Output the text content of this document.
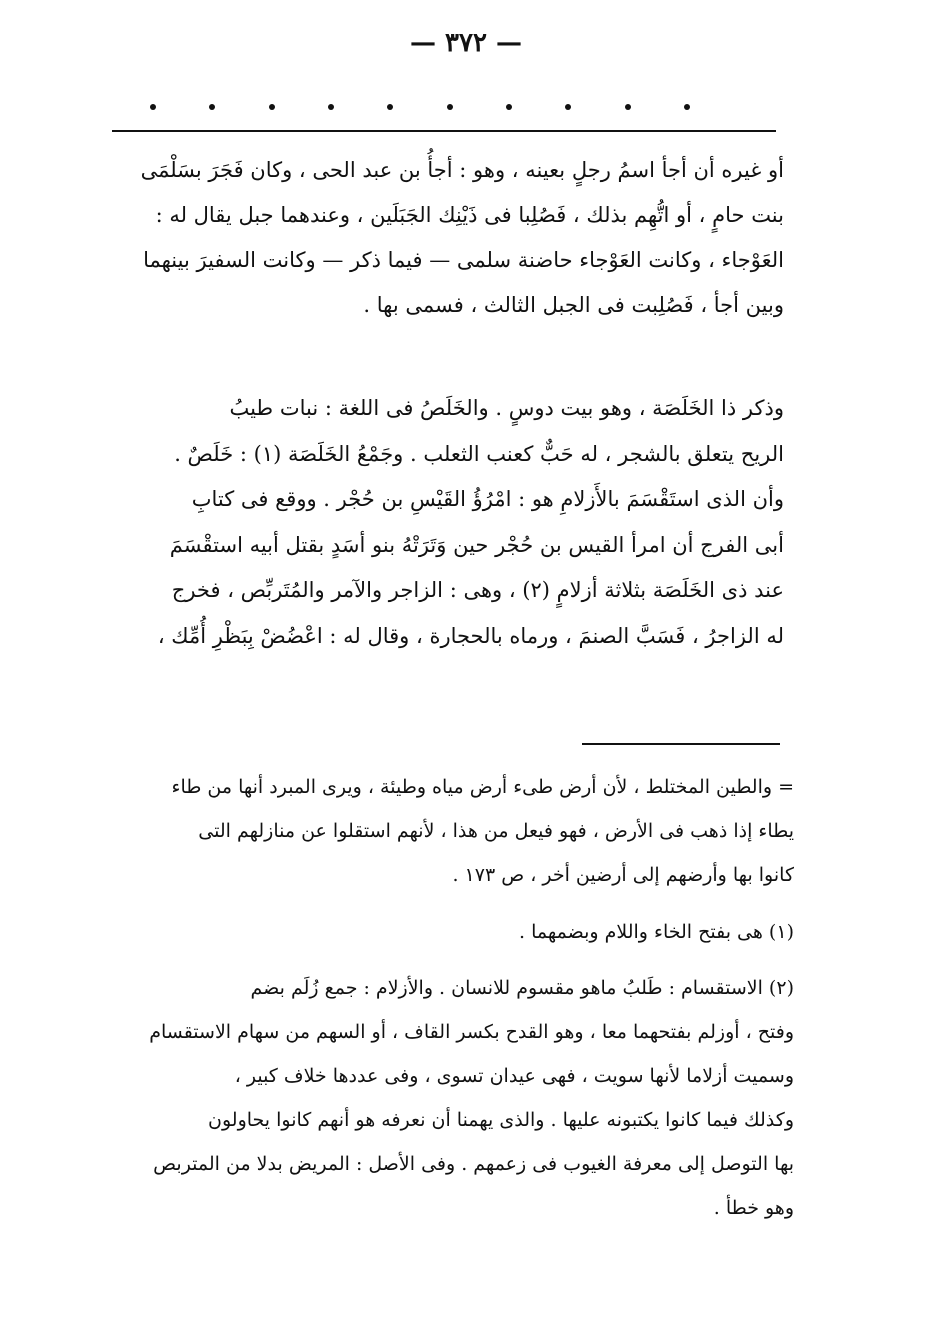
— ٣٧٢ —
أو غيره أن أجأ اسمُ رجلٍ بعينه ، وهو : أجأُ بن عبد الحى ، وكان فَجَرَ بسَلْمَى
بنت حامٍ ، أو اتُّهِم بذلك ، فَصُلِبا فى ذَيْنِك الجَبَلَين ، وعندهما جبل يقال له :
العَوْجاء ، وكانت العَوْجاء حاضنة سلمى — فيما ذكر — وكانت السفيرَ بينهما
وبين أجأ ، فَصُلِبت فى الجبل الثالث ، فسمى بها .
وذكر ذا الخَلَصَة ، وهو بيت دوسٍ . والخَلَصُ فى اللغة : نبات طيبُ
الريح يتعلق بالشجر ، له حَبٌّ كعنب الثعلب . وجَمْعُ الخَلَصَة (١) : خَلَصٌ .
وأن الذى استَقْسَمَ بالأَزلامِ هو : امْرُؤُ القَيْسِ بن حُجْر . ووقع فى كتابِ
أبى الفرج أن امرأ القيس بن حُجْر حين وَتَرَتْهُ بنو أسَدٍ بقتل أبيه استقْسَمَ
عند ذى الخَلَصَة بثلاثة أزلامٍ (٢) ، وهى : الزاجر والآمر والمُتَربِّص ، فخرج
له الزاجرُ ، فَسَبَّ الصنمَ ، ورماه بالحجارة ، وقال له : اعْضُضْ بِبَظْرِ أُمِّك ،
= والطين المختلط ، لأن أرض طىء أرض مياه وطيئة ، ويرى المبرد أنها من طاء
يطاء إذا ذهب فى الأرض ، فهو فيعل من هذا ، لأنهم استقلوا عن منازلهم التى
كانوا بها وأرضهم إلى أرضين أخر ، ص ١٧٣ .
(١) هى بفتح الخاء واللام وبضمهما .
(٢) الاستقسام : طَلبُ ماهو مقسوم للانسان . والأزلام : جمع زُلَم بضم
وفتح ، أوزلم بفتحهما معا ، وهو القدح بكسر القاف ، أو السهم من سهام الاستقسام
وسميت أزلاما لأنها سويت ، فهى عيدان تسوى ، وفى عددها خلاف كبير ،
وكذلك فيما كانوا يكتبونه عليها . والذى يهمنا أن نعرفه هو أنهم كانوا يحاولون
بها التوصل إلى معرفة الغيوب فى زعمهم . وفى الأصل : المريض بدلا من المتربص
وهو خطأ .
